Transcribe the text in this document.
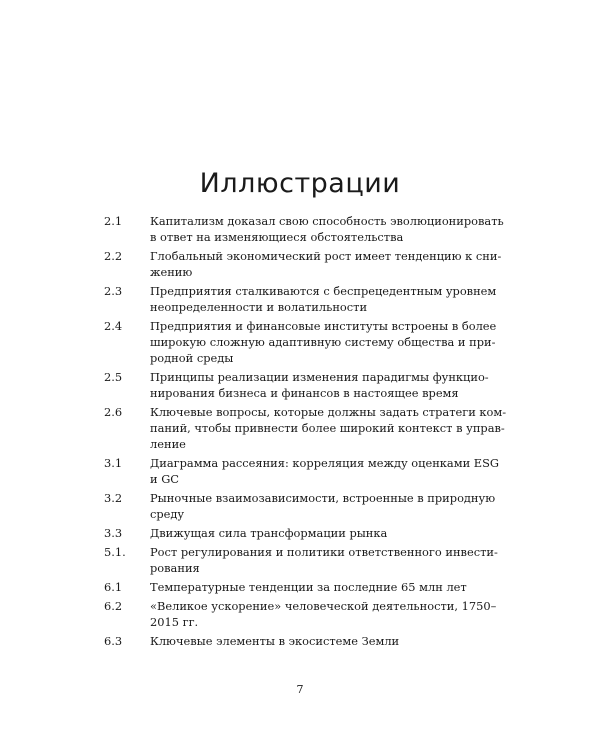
Иллюстрации
2.1	Капитализм доказал свою способность эволюционировать
в ответ на изменяющиеся обстоятельства
2.2	Глобальный экономический рост имеет тенденцию к сни-
жению
2.3	Предприятия сталкиваются с беспрецедентным уровнем
неопределенности и волатильности
2.4	Предприятия и финансовые институты встроены в более
широкую сложную адаптивную систему общества и при-
родной среды
2.5	Принципы реализации изменения парадигмы функцио-
нирования бизнеса и финансов в настоящее время
2.6	Ключевые вопросы, которые должны задать стратеги ком-
паний, чтобы привнести более широкий контекст в управ-
ление
3.1	Диаграмма рассеяния: корреляция между оценками ESG
и GC
3.2	Рыночные взаимозависимости, встроенные в природную
среду
3.3	Движущая сила трансформации рынка
5.1.	Рост регулирования и политики ответственного инвести-
рования
6.1	Температурные тенденции за последние 65 млн лет
6.2	«Великое ускорение» человеческой деятельности, 1750–
2015 гг.
6.3	Ключевые элементы в экосистеме Земли
7
